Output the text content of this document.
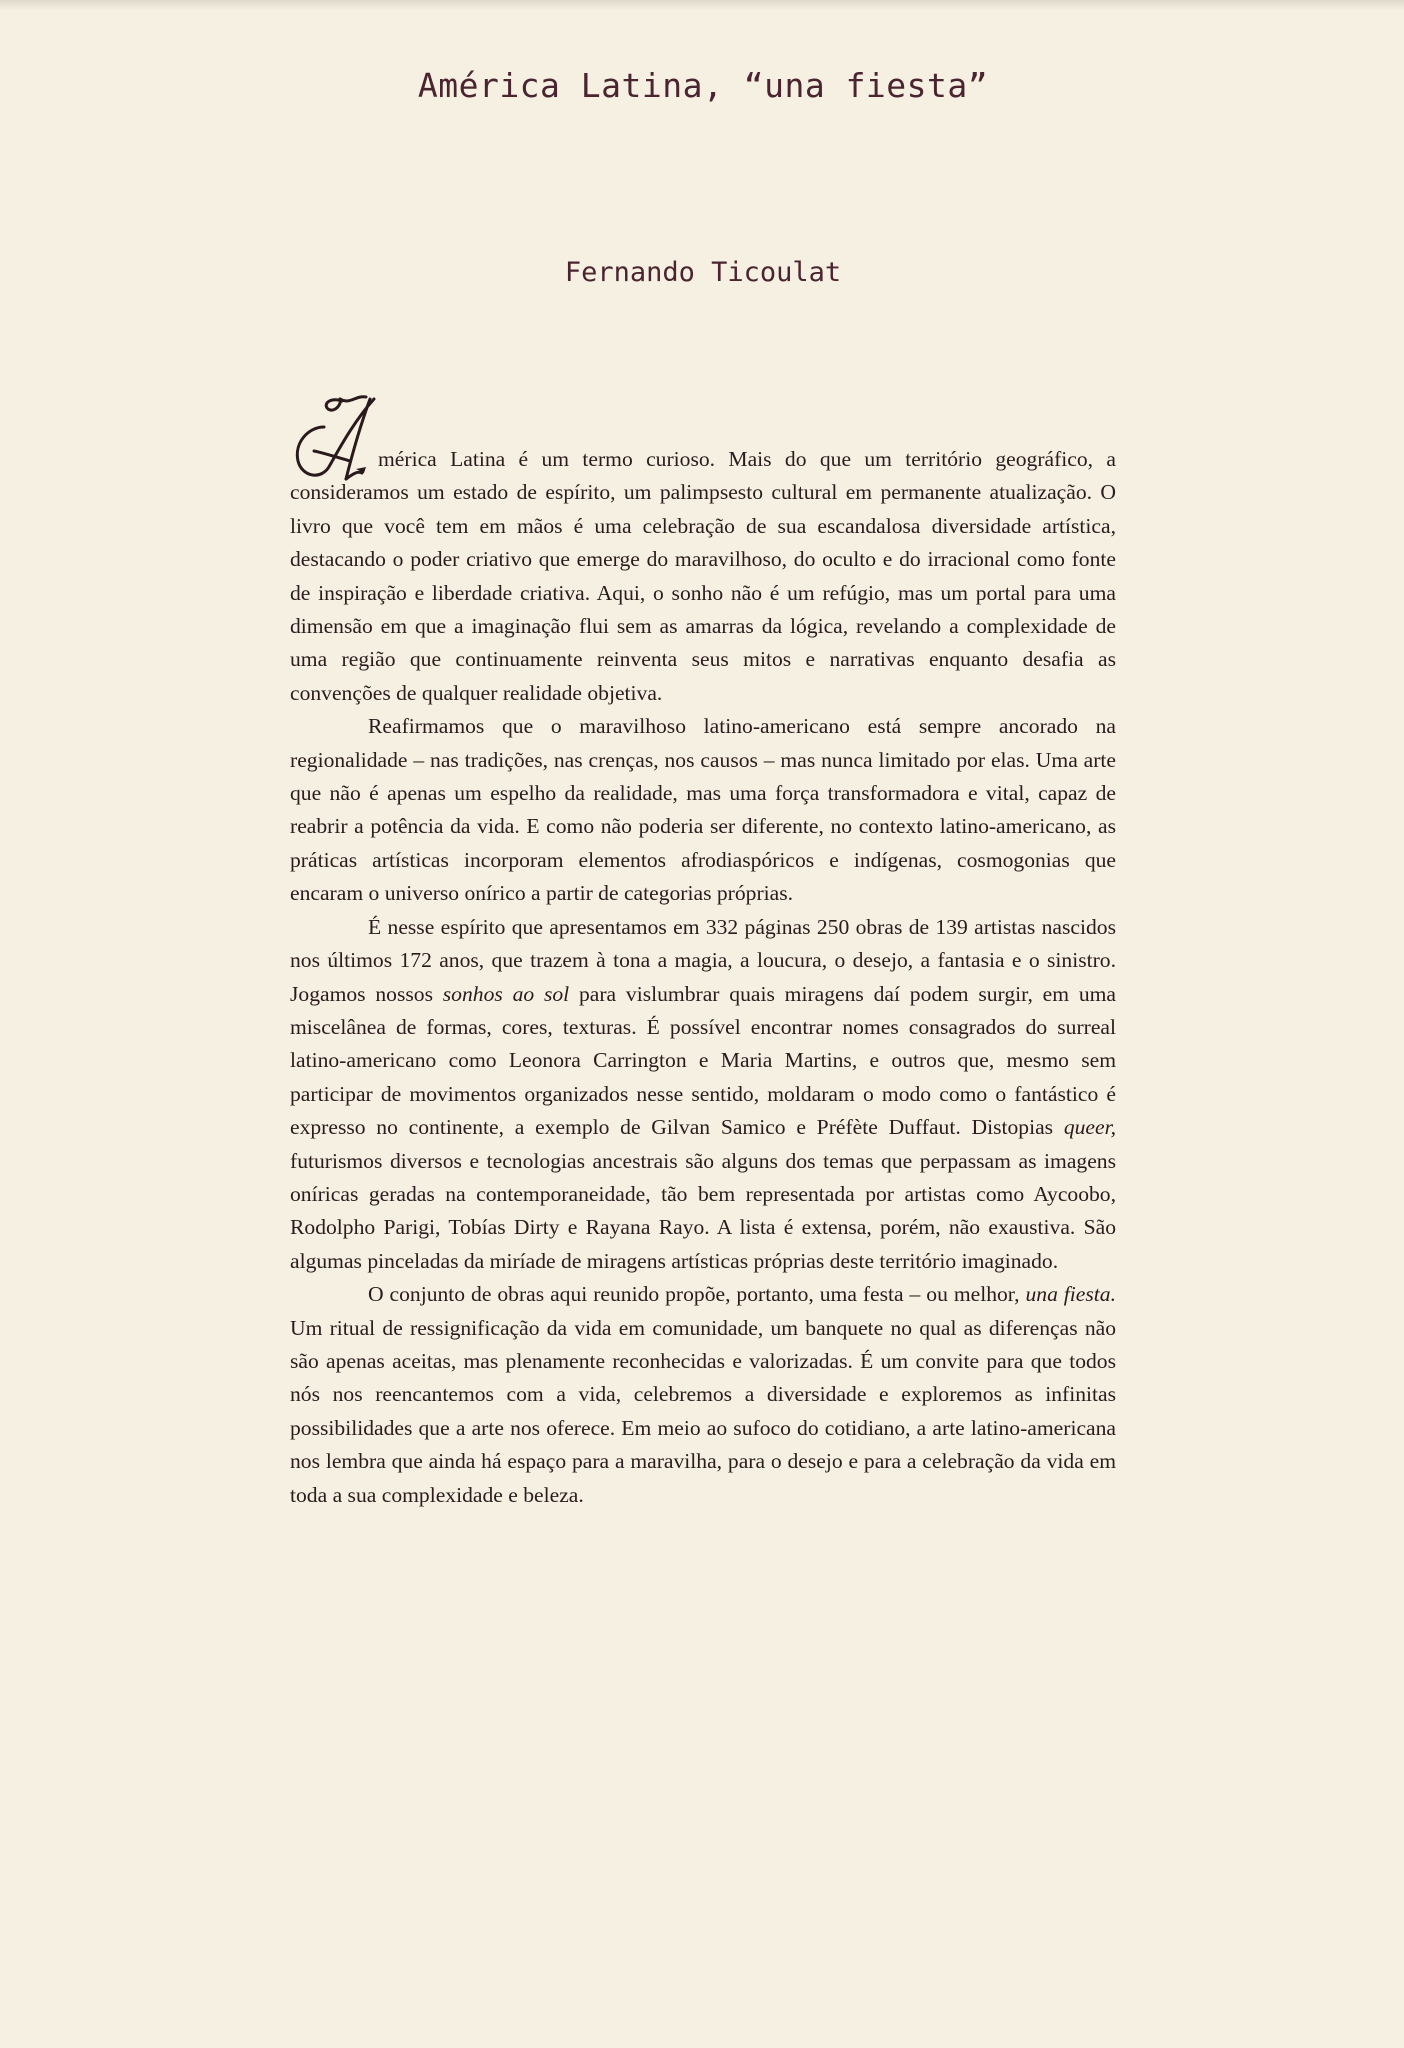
América Latina, “una fiesta”
Fernando Ticoulat

mérica Latina é um termo curioso. Mais do que um território geográfico, a consideramos um estado de espírito, um palimpsesto cultural em permanente atualização. O livro que você tem em mãos é uma celebração de sua escandalosa diversidade artística, destacando o poder criativo que emerge do maravilhoso, do oculto e do irracional como fonte de inspiração e liberdade criativa. Aqui, o sonho não é um refúgio, mas um portal para uma dimensão em que a imaginação flui sem as amarras da lógica, revelando a complexidade de uma região que continuamente reinventa seus mitos e narrativas enquanto desafia as convenções de qualquer realidade objetiva.

Reafirmamos que o maravilhoso latino-americano está sempre ancorado na regionalidade – nas tradições, nas crenças, nos causos – mas nunca limitado por elas. Uma arte que não é apenas um espelho da realidade, mas uma força transformadora e vital, capaz de reabrir a potência da vida. E como não poderia ser diferente, no contexto latino-americano, as práticas artísticas incorporam elementos afrodiaspóricos e indígenas, cosmogonias que encaram o universo onírico a partir de categorias próprias.

É nesse espírito que apresentamos em 332 páginas 250 obras de 139 artistas nascidos nos últimos 172 anos, que trazem à tona a magia, a loucura, o desejo, a fantasia e o sinistro. Jogamos nossos sonhos ao sol para vislumbrar quais miragens daí podem surgir, em uma miscelânea de formas, cores, texturas. É possível encontrar nomes consagrados do surreal latino-americano como Leonora Carrington e Maria Martins, e outros que, mesmo sem participar de movimentos organizados nesse sentido, moldaram o modo como o fantástico é expresso no continente, a exemplo de Gilvan Samico e Préfète Duffaut. Distopias queer, futurismos diversos e tecnologias ancestrais são alguns dos temas que perpassam as imagens oníricas geradas na contemporaneidade, tão bem representada por artistas como Aycoobo, Rodolpho Parigi, Tobías Dirty e Rayana Rayo. A lista é extensa, porém, não exaustiva. São algumas pinceladas da miríade de miragens artísticas próprias deste território imaginado.

O conjunto de obras aqui reunido propõe, portanto, uma festa – ou melhor, una fiesta. Um ritual de ressignificação da vida em comunidade, um banquete no qual as diferenças não são apenas aceitas, mas plenamente reconhecidas e valorizadas. É um convite para que todos nós nos reencantemos com a vida, celebremos a diversidade e exploremos as infinitas possibilidades que a arte nos oferece. Em meio ao sufoco do cotidiano, a arte latino-americana nos lembra que ainda há espaço para a maravilha, para o desejo e para a celebração da vida em toda a sua complexidade e beleza.
